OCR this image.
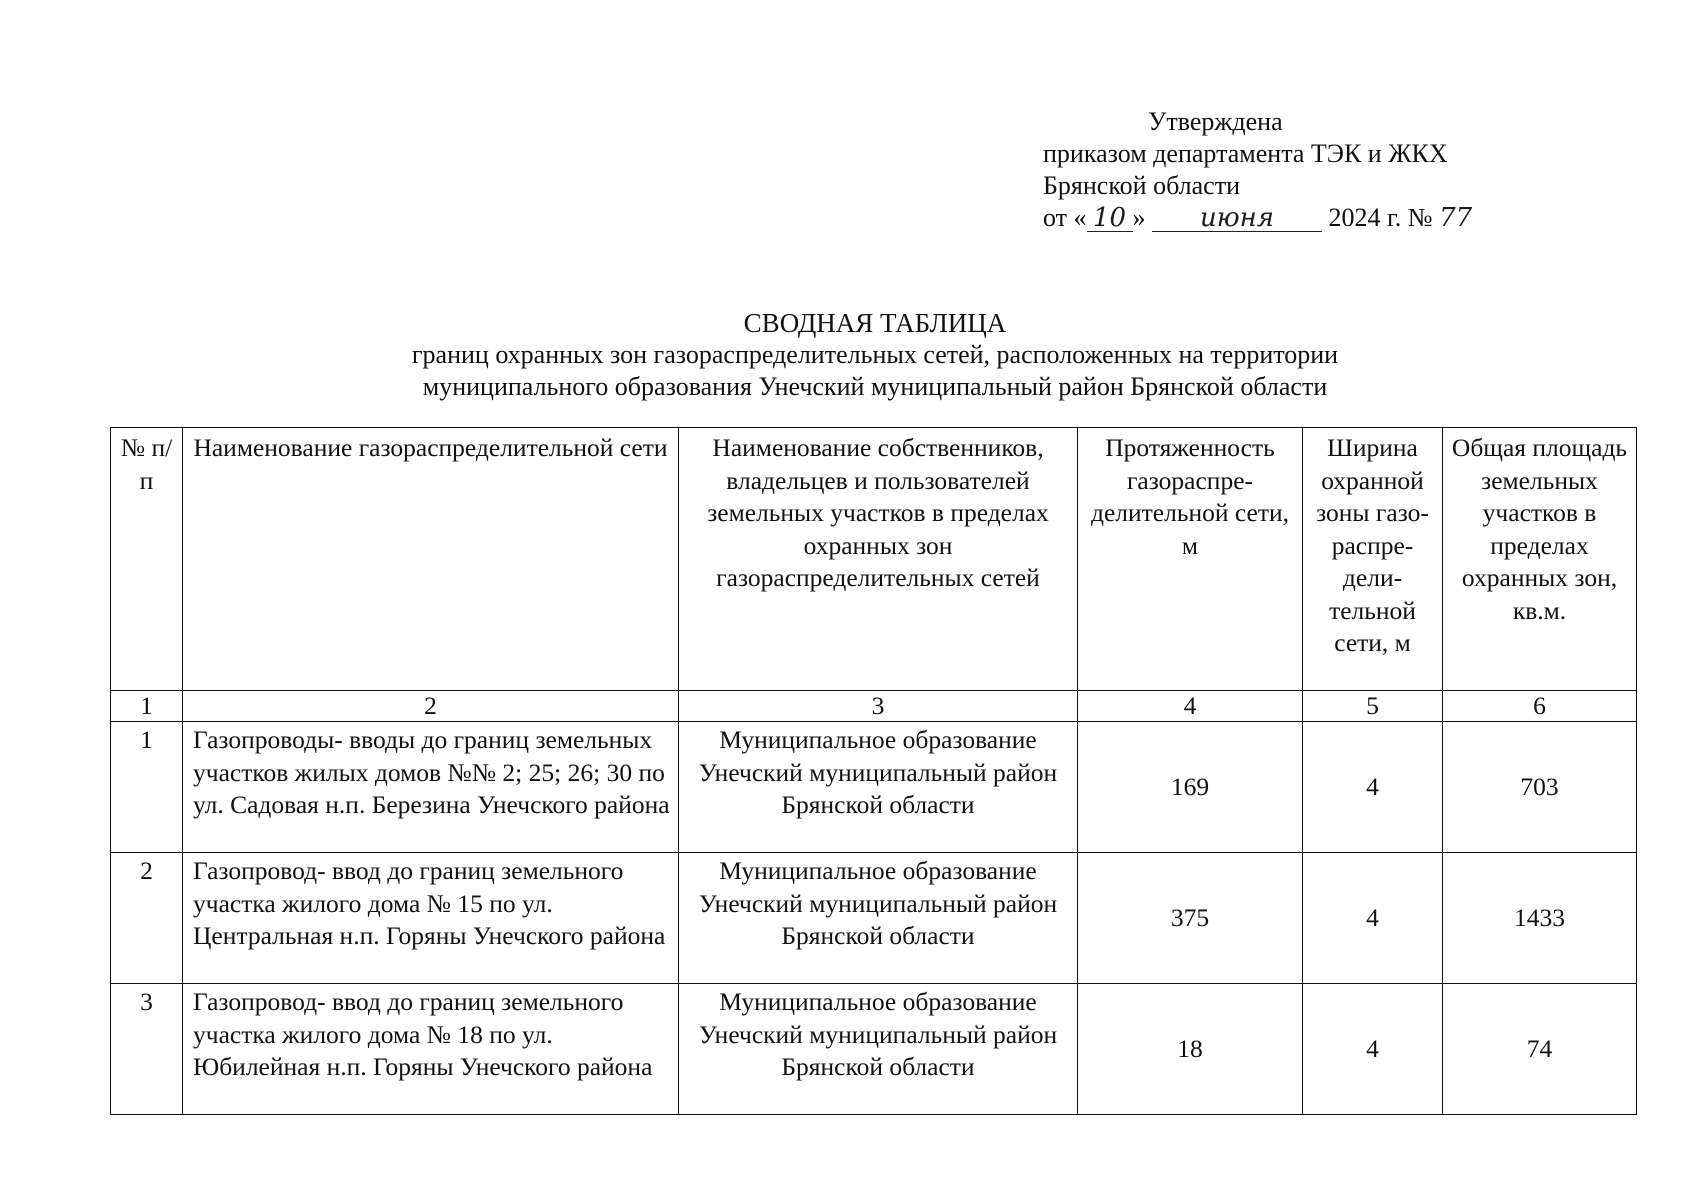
Утверждена
приказом департамента ТЭК и ЖКХ
Брянской области
от « 10 » июня 2024 г. № 77
СВОДНАЯ ТАБЛИЦА
границ охранных зон газораспределительных сетей, расположенных на территории
муниципального образования Унечский муниципальный район Брянской области
№ п/п	Наименование газораспределительной сети	Наименование собственников, владельцев и пользователей земельных участков в пределах охранных зон газораспределительных сетей	Протяженность газораспре-делительной сети, м	Ширина охранной зоны газо-распре-дели-тельной сети, м	Общая площадь земельных участков в пределах охранных зон, кв.м.
1	2	3	4	5	6
1	Газопроводы- вводы до границ земельных участков жилых домов №№ 2; 25; 26; 30 по ул. Садовая н.п. Березина Унечского района	Муниципальное образование Унечский муниципальный район Брянской области	169	4	703
2	Газопровод- ввод до границ земельного участка жилого дома № 15 по ул. Центральная н.п. Горяны Унечского района	Муниципальное образование Унечский муниципальный район Брянской области	375	4	1433
3	Газопровод- ввод до границ земельного участка жилого дома № 18 по ул. Юбилейная н.п. Горяны Унечского района	Муниципальное образование Унечский муниципальный район Брянской области	18	4	74
